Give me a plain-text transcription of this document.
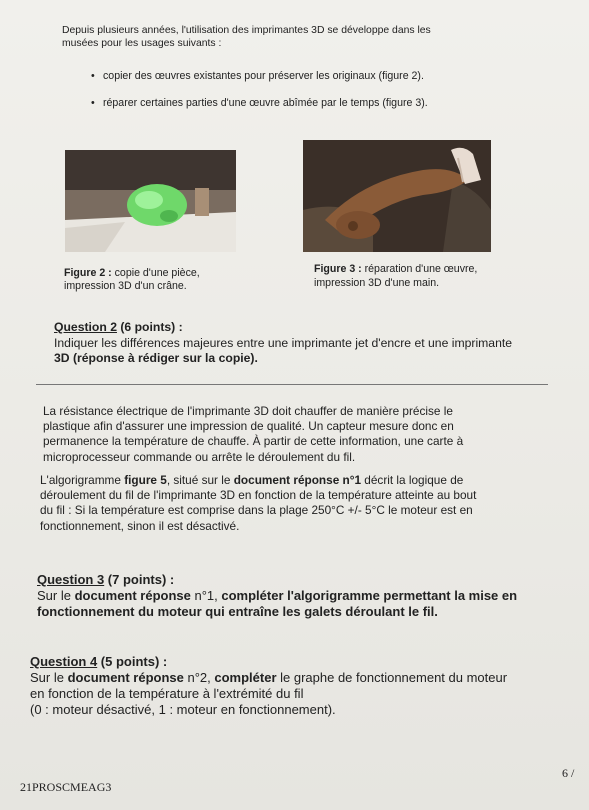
Depuis plusieurs années, l'utilisation des imprimantes 3D se développe dans les
musées pour les usages suivants :
• copier des œuvres existantes pour préserver les originaux (figure 2).
• réparer certaines parties d'une œuvre abîmée par le temps (figure 3).
Figure 2 : copie d'une pièce,
impression 3D d'un crâne.
Figure 3 : réparation d'une œuvre,
impression 3D d'une main.
Question 2 (6 points) :
Indiquer les différences majeures entre une imprimante jet d'encre et une imprimante
3D (réponse à rédiger sur la copie).
La résistance électrique de l'imprimante 3D doit chauffer de manière précise le
plastique afin d'assurer une impression de qualité. Un capteur mesure donc en
permanence la température de chauffe. À partir de cette information, une carte à
microprocesseur commande ou arrête le déroulement du fil.
L'algorigramme figure 5, situé sur le document réponse n°1 décrit la logique de
déroulement du fil de l'imprimante 3D en fonction de la température atteinte au bout
du fil : Si la température est comprise dans la plage 250°C +/- 5°C le moteur est en
fonctionnement, sinon il est désactivé.
Question 3 (7 points) :
Sur le document réponse n°1, compléter l'algorigramme permettant la mise en
fonctionnement du moteur qui entraîne les galets déroulant le fil.
Question 4 (5 points) :
Sur le document réponse n°2, compléter le graphe de fonctionnement du moteur
en fonction de la température à l'extrémité du fil
(0 : moteur désactivé, 1 : moteur en fonctionnement).
21PROSCMEAG3
6 /
